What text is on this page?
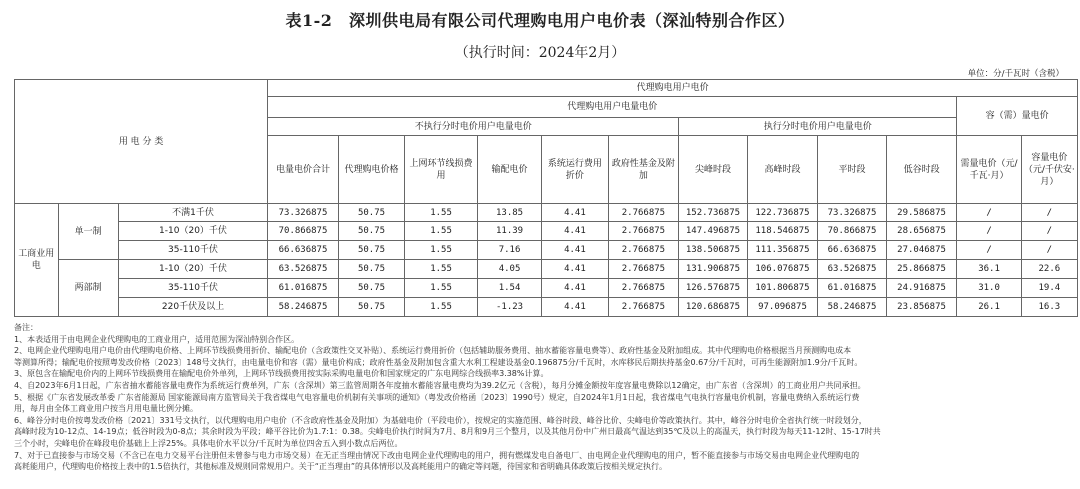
表1-2　深圳供电局有限公司代理购电用户电价表（深汕特别合作区）
（执行时间：2024年2月）
单位：分/千瓦时（含税）
用 电 分 类			代理购电用户电价											
			代理购电用户电量电价										容（需）量电价	
			不执行分时电价用户电量电价						执行分时电价用户电量电价					
			电量电价合计	代理购电价格	上网环节线损费用	输配电价	系统运行费用折价	政府性基金及附加	尖峰时段	高峰时段	平时段	低谷时段	需量电价（元/千瓦·月）	容量电价（元/千伏安·月）
工商业用电	单一制	不满1千伏	73.326875	50.75	1.55	13.85	4.41	2.766875	152.736875	122.736875	73.326875	29.586875	/	/
		1-10（20）千伏	70.866875	50.75	1.55	11.39	4.41	2.766875	147.496875	118.546875	70.866875	28.656875	/	/
		35-110千伏	66.636875	50.75	1.55	7.16	4.41	2.766875	138.506875	111.356875	66.636875	27.046875	/	/
	两部制	1-10（20）千伏	63.526875	50.75	1.55	4.05	4.41	2.766875	131.906875	106.076875	63.526875	25.866875	36.1	22.6
		35-110千伏	61.016875	50.75	1.55	1.54	4.41	2.766875	126.576875	101.806875	61.016875	24.916875	31.0	19.4
		220千伏及以上	58.246875	50.75	1.55	-1.23	4.41	2.766875	120.686875	97.096875	58.246875	23.856875	26.1	16.3

备注：

1、本表适用于由电网企业代理购电的工商业用户，适用范围为深汕特别合作区。

2、电网企业代理购电用户电价由代理购电价格、上网环节线损费用折价、输配电价（含政策性交叉补贴）、系统运行费用折价（包括辅助服务费用、抽水蓄能容量电费等）、政府性基金及附加组成。其中代理购电价格根据当月预测购电成本

等测算所得；输配电价按照粤发改价格〔2023〕148号文执行，由电量电价和容（需）量电价构成；政府性基金及附加包含重大水利工程建设基金0.196875分/千瓦时，水库移民后期扶持基金0.67分/千瓦时，可再生能源附加1.9分/千瓦时。

3、原包含在输配电价内的上网环节线损费用在输配电价外单列，上网环节线损费用按实际采购电量电价和国家规定的广东电网综合线损率3.38%计算。

4、自2023年6月1日起，广东省抽水蓄能容量电费作为系统运行费单列，广东（含深圳）第三监管周期各年度抽水蓄能容量电费均为39.2亿元（含税），每月分摊金额按年度容量电费除以12确定，由广东省（含深圳）的工商业用户共同承担。

5、根据《广东省发展改革委 广东省能源局 国家能源局南方监管局关于我省煤电气电容量电价机制有关事项的通知》（粤发改价格函〔2023〕1990号）规定，自2024年1月1日起，我省煤电气电执行容量电价机制，容量电费纳入系统运行费

用，每月由全体工商业用户按当月用电量比例分摊。

6、峰谷分时电价按粤发改价格〔2021〕331号文执行，以代理购电用户电价（不含政府性基金及附加）为基础电价（平段电价），按规定的实施范围、峰谷时段、峰谷比价、尖峰电价等政策执行。其中，峰谷分时电价全省执行统一时段划分，

高峰时段为10-12点、14-19点；低谷时段为0-8点；其余时段为平段；峰平谷比价为1.7:1：0.38。尖峰电价执行时间为7月、8月和9月三个整月，以及其他月份中广州日最高气温达到35℃及以上的高温天，执行时段为每天11-12时、15-17时共

三个小时，尖峰电价在峰段电价基础上上浮25%。具体电价水平以分/千瓦时为单位四舍五入到小数点后两位。

7、对于已直接参与市场交易（不含已在电力交易平台注册但未曾参与电力市场交易）在无正当理由情况下改由电网企业代理购电的用户，拥有燃煤发电自备电厂、由电网企业代理购电的用户，暂不能直接参与市场交易由电网企业代理购电的

高耗能用户，代理购电价格按上表中的1.5倍执行，其他标准及规则同常规用户。关于“正当理由”的具体情形以及高耗能用户的确定等问题，待国家和省明确具体政策后按相关规定执行。
